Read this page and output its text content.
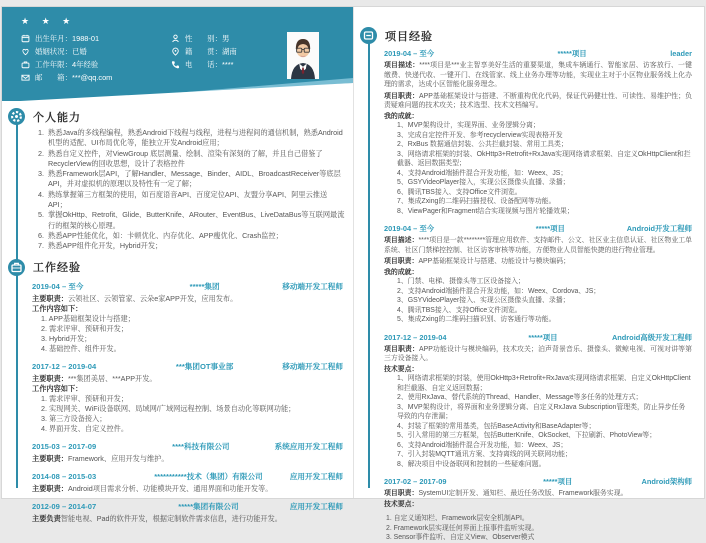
★ ★ ★
出生年月： 1988-01
婚姻状况： 已婚
工作年限： 4年经验
邮　　箱： ***@qq.com
性　　别： 男
籍　　贯： 湖南
电　　话： ****
个人能力
1. 熟悉Java的多线程编程，熟悉Android下线程与线程，进程与进程间的通信机制，熟悉Android机型的适配、UI布局优化等，能独立开发Android应用；
2. 熟悉自定义控件，对ViewGroup 底层测量、绘制、渲染有深刻的了解，并且自己借鉴了RecyclerView的回收思想，设计了表格控件
3. 熟悉Framework层API，了解Handler、Message、Binder、AIDL、BroadcastReceiver等底层API，并对虚拟机的原理以及特性有一定了解；
4. 熟练掌握第三方框架的使用，如百度语音API、百度定位API、友盟分享API、阿里云推送API；
5. 掌握OkHttp、Retrofit、Glide、ButterKnife、ARouter、EventBus、LiveDataBus等互联网最流行的框架的核心原理。
6. 熟悉APP性能优化，如：卡顿优化、内存优化、APP瘦优化、Crash监控；
7. 熟悉APP组件化开发，Hybrid开发；
工作经验
2019-04 – 至今	*****集团	移动端开发工程师

主要职责：云领社区、云领管家、云朵e家APP开发，应用发布。

工作内容如下：
1. APP基础框架设计与搭建；
2. 需求评审、预研和开发；
3. Hybrid开发；
4. 基础控件、组件开发。
2017-12 – 2019-04	***集团OT事业部	移动端开发工程师

主要职责：***集团美居、***APP开发。

工作内容如下：
1. 需求评审、预研和开发；
2. 实现网关、WiFi设备联网、局域网/广域网远程控制、场景自动化等联网功能；
3. 第三方设备接入；
4. 界面开发、自定义控件。
2015-03 – 2017-09	****科技有限公司	系统应用开发工程师

主要职责：Framework、应用开发与维护。

2014-08 – 2015-03	***********技术（集团）有限公司	应用开发工程师

主要职责：Android项目需求分析、功能模块开发、通用界面和功能开发等。

2012-09 – 2014-07	*****集团有限公司	应用开发工程师

主要负责智能电视、Pad的软件开发，根据定制软件需求信息，进行功能开发。

项目经验
2019-04 – 至今	*****项目	leader

项目描述：****项目是***业主智享美好生活的重要渠道，集成车辆通行、智能家居、访客放行、一键缴费、快递代收、一键开门、在线管家、线上业务办理等功能，实现业主对于小区物业服务线上化办理的需求，达成小区智能化服务理念。

项目职责：APP基础框架设计与搭建、不断重构优化代码，保证代码健壮性、可读性、易维护性；负责疑难问题的技术攻关；技术选型、技术文档编写。

我的成就：
1、MVP架构设计，实现界面、业务逻辑分离；
3、完成自定控件开发、参考recyclerview实现表格开发
2、RxBus 数据通信封装、公共拦截封装、常用工具类；
3、网络请求框架的封装、OkHttp3+Retrofit+RxJava实现网络请求框架、自定义OkHttpClient和拦截器、返回数据类型；
4、支持Android端插件混合开发功能，如：Weex、JS；
5、GSYVideoPlayer接入，实现公区摄像头直播、录播；
6、腾讯TBS接入、支持Office文件浏览。
7、集成Zxing的二维码扫描授权、设备配网等功能。
8、ViewPager和Fragment结合实现视频与图片轮播效果；
2019-04 – 至今	*****项目	Android开发工程师

项目描述：****项目是一款********管理应用软件、支持邮件、公文、社区业主信息认证、社区物业工单系统、社区门禁梯控控制、社区访客审核等功能，方便物业人员智能快捷的进行物业管理。

项目职责：APP基础框架设计与搭建、功能设计与模块编码；

我的成就：
1、门禁、电梯、摄像头等工区设备接入；
2、支持Android端插件混合开发功能，如：Weex、Cordova、JS；
3、GSYVideoPlayer接入、实现公区摄像头直播、录播；
4、腾讯TBS接入、支持Office文件浏览。
5、集成Zxing的二维码扫描识别、访客通行等功能。
2017-12 – 2019-04	*****项目	Android高级开发工程师

项目职责：APP功能设计与模块编码，技术攻关；泊声背景音乐、摄像头、微鲸电视、可视对讲等第三方设备接入。

技术要点：
1、网络请求框架的封装，使用OkHttp3+Retrofit+RxJava实现网络请求框架、自定义OkHttpClient和拦截器、自定义返回数据；
2、使用RxJava、替代系统的Thread、Handler、Message等多任务的处理方式；
3、MVP架构设计，将界面和业务逻辑分离、自定义RxJava Subscription管理类，防止异步任务导致的内存泄漏；
4、封装了框架的常用基类，包括BaseActivity和BaseAdapter等；
5、引入常用的第三方框架，包括ButterKnife、OkSocket、下拉刷新、PhotoView等；
6、支持Android端插件混合开发功能，如：Weex、JS；
7、引入封装MQTT通讯方案、支持离线的网关联网功能；
8、解决项目中设备联网和控制的一些疑难问题。
2017-02 – 2017-09	*****项目	Android架构师

项目职责：SystemUI定制开发、通知栏、最近任务改版、Framework服务实现。

技术要点：
1. 自定义通知栏、Framework层安全机制API。
2. Framework层实现任何界面上报事件监听实现。
3. Sensor事件监听、自定义View、Observer模式
